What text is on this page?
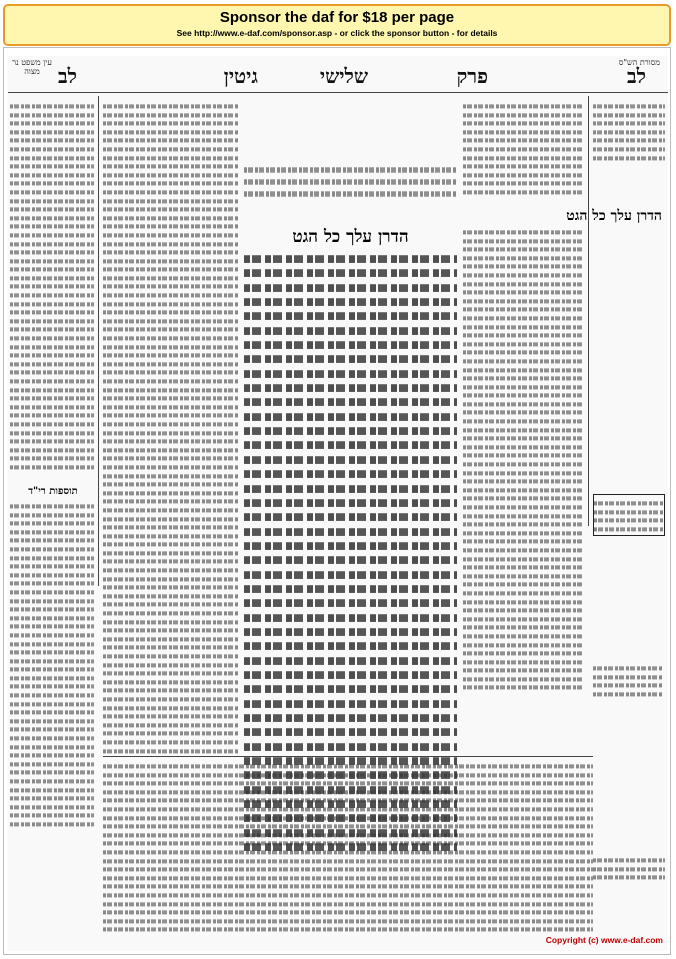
Sponsor the daf for $18 per page
See http://www.e-daf.com/sponsor.asp - or click the sponsor button - for details
לב
פרק
שלישי
גיטין
לב
מסורת הש"ס
עין משפט נר מצוה
תוספות רי"ד
הדרן עלך כל הגט
הדרן עלך כל הגט
Copyright (c) www.e-daf.com
